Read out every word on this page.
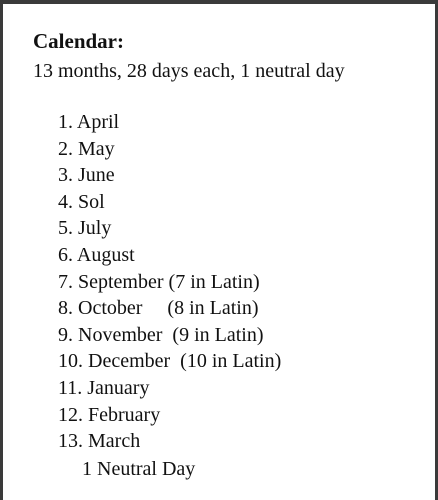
Calendar:
13 months, 28 days each, 1 neutral day
1. April
2. May
3. June
4. Sol
5. July
6. August
7. September (7 in Latin)
8. October     (8 in Latin)
9. November  (9 in Latin)
10. December  (10 in Latin)
11. January
12. February
13. March
1 Neutral Day
